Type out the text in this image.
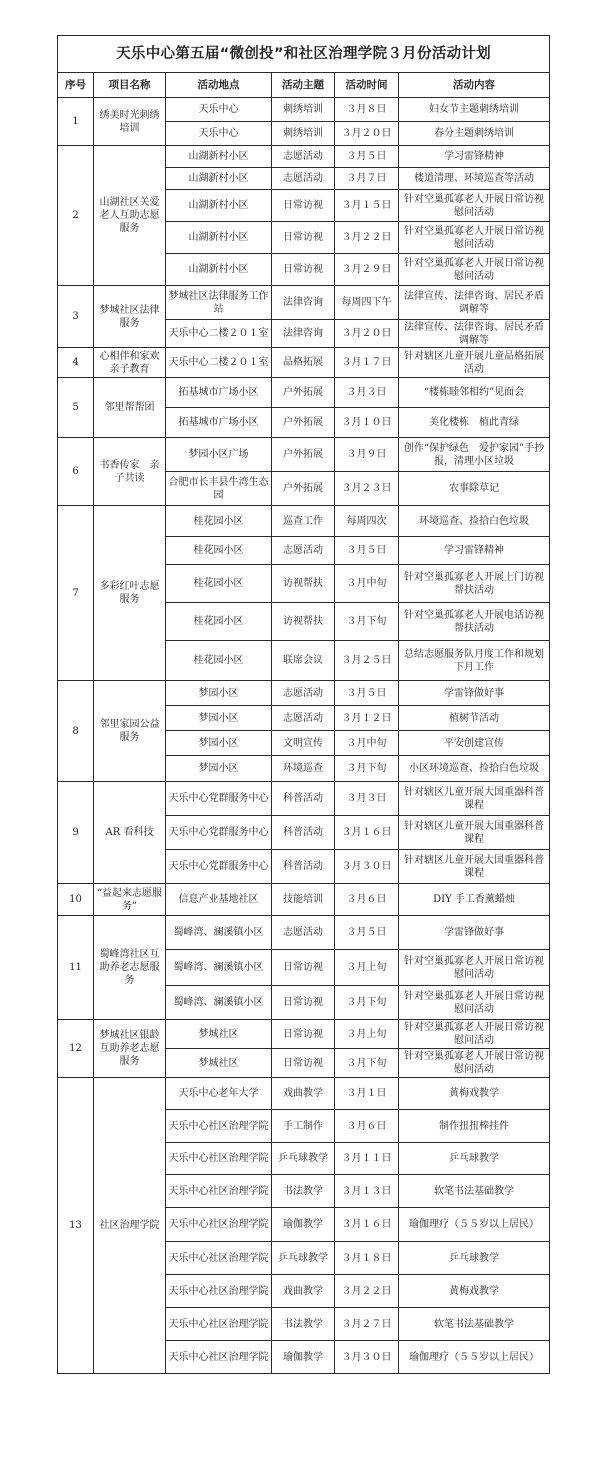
天乐中心第五届“微创投”和社区治理学院３月份活动计划					
序号	项目名称	活动地点	活动主题	活动时间	活动内容
1	绣美时光刺绣培训	天乐中心	刺绣培训	３月８日	妇女节主题刺绣培训
		天乐中心	刺绣培训	３月２０日	春分主题刺绣培训
2	山湖社区关爱老人互助志愿服务	山湖新村小区	志愿活动	３月５日	学习雷锋精神
		山湖新村小区	志愿活动	３月７日	楼道清理、环境巡查等活动
		山湖新村小区	日常访视	３月１５日	针对空巢孤寡老人开展日常访视慰问活动
		山湖新村小区	日常访视	３月２２日	针对空巢孤寡老人开展日常访视慰问活动
		山湖新村小区	日常访视	３月２９日	针对空巢孤寡老人开展日常访视慰问活动
3	梦城社区法律服务	梦城社区法律服务工作站	法律咨询	每周四下午	法律宣传、法律咨询、居民矛盾调解等
		天乐中心二楼２０１室	法律咨询	３月２０日	法律宣传、法律咨询、居民矛盾调解等
4	心相伴和家欢亲子教育	天乐中心二楼２０１室	品格拓展	３月１７日	针对辖区儿童开展儿童品格拓展活动
5	邻里帮帮团	拓基城市广场小区	户外拓展	３月３日	“楼栋睦邻相约”见面会
		拓基城市广场小区	户外拓展	３月１０日	美化楼栋　植此青绿
6	书香传家　亲子共读	梦园小区广场	户外拓展	３月９日	创作“保护绿色　爱护家园”手抄报，清理小区垃圾
		合肥市长丰县牛湾生态园	户外拓展	３月２３日	农事除草记
7	多彩红叶志愿服务	桂花园小区	巡查工作	每周四次	环境巡查、捡拾白色垃圾
		桂花园小区	志愿活动	３月５日	学习雷锋精神
		桂花园小区	访视帮扶	３月中旬	针对空巢孤寡老人开展上门访视帮扶活动
		桂花园小区	访视帮扶	３月下旬	针对空巢孤寡老人开展电话访视帮扶活动
		桂花园小区	联席会议	３月２５日	总结志愿服务队月度工作和规划下月工作
8	邻里家园公益服务	梦园小区	志愿活动	３月５日	学雷锋做好事
		梦园小区	志愿活动	３月１２日	植树节活动
		梦园小区	文明宣传	３月中旬	平安创建宣传
		梦园小区	环境巡查	３月下旬	小区环境巡查、捡拾白色垃圾
9	AR 看科技	天乐中心党群服务中心	科普活动	３月３日	针对辖区儿童开展大国重器科普课程
		天乐中心党群服务中心	科普活动	３月１６日	针对辖区儿童开展大国重器科普课程
		天乐中心党群服务中心	科普活动	３月３０日	针对辖区儿童开展大国重器科普课程
10	“益起来志愿服务”	信息产业基地社区	技能培训	３月６日	DIY 手工香薰蜡烛
11	蜀峰湾社区互助养老志愿服务	蜀峰湾、澜溪镇小区	志愿活动	３月５日	学雷锋做好事
		蜀峰湾、澜溪镇小区	日常访视	３月上旬	针对空巢孤寡老人开展日常访视慰问活动
		蜀峰湾、澜溪镇小区	日常访视	３月下旬	针对空巢孤寡老人开展日常访视慰问活动
12	梦城社区银龄互助养老志愿服务	梦城社区	日常访视	３月上旬	针对空巢孤寡老人开展日常访视慰问活动
		梦城社区	日常访视	３月下旬	针对空巢孤寡老人开展日常访视慰问活动
13	社区治理学院	天乐中心老年大学	戏曲教学	３月１日	黄梅戏教学
		天乐中心社区治理学院	手工制作	３月６日	制作扭扭棒挂件
		天乐中心社区治理学院	乒乓球教学	３月１１日	乒乓球教学
		天乐中心社区治理学院	书法教学	３月１３日	软笔书法基础教学
		天乐中心社区治理学院	瑜伽教学	３月１６日	瑜伽理疗（５５岁以上居民）
		天乐中心社区治理学院	乒乓球教学	３月１８日	乒乓球教学
		天乐中心社区治理学院	戏曲教学	３月２２日	黄梅戏教学
		天乐中心社区治理学院	书法教学	３月２７日	软笔书法基础教学
		天乐中心社区治理学院	瑜伽教学	３月３０日	瑜伽理疗（５５岁以上居民）
